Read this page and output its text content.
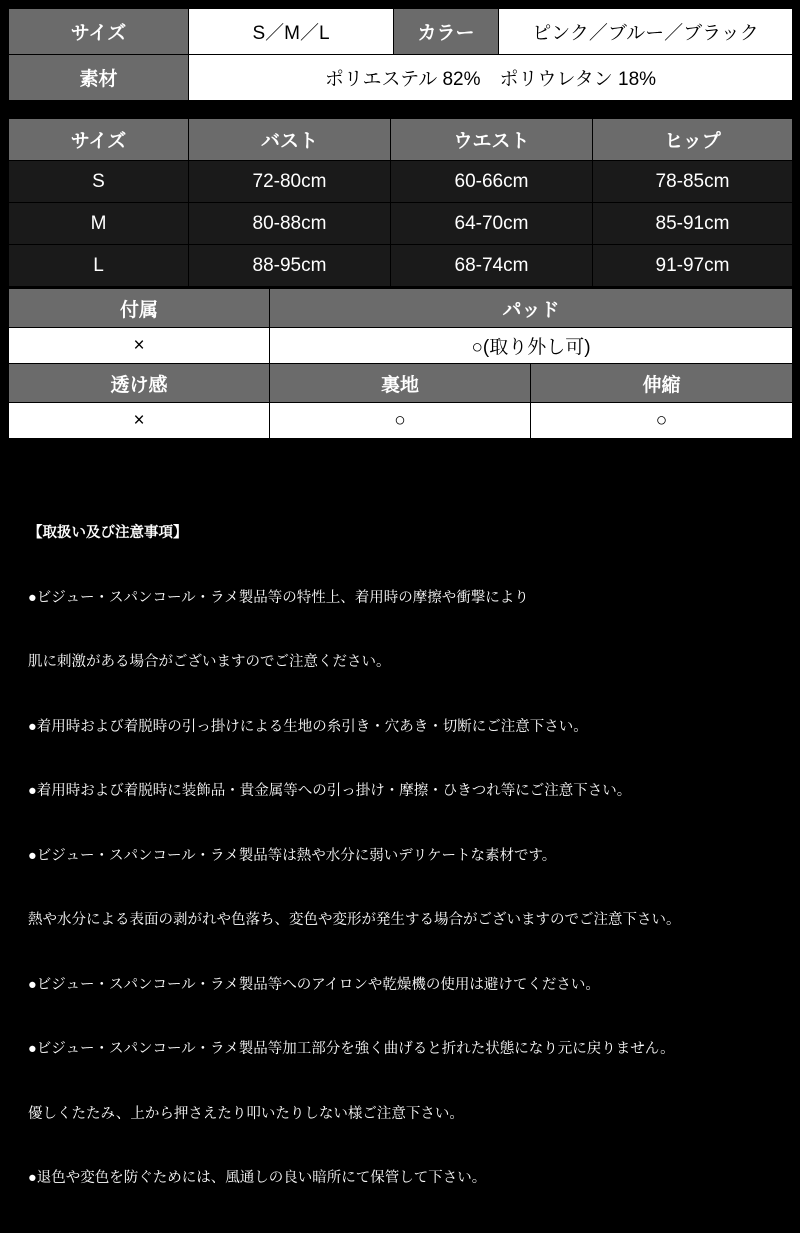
サイズ	S／M／L	カラー	ピンク／ブルー／ブラック
素材	ポリエステル 82%　ポリウレタン 18%		
サイズ	バスト	ウエスト	ヒップ
S	72-80cm	60-66cm	78-85cm
M	80-88cm	64-70cm	85-91cm
L	88-95cm	68-74cm	91-97cm
付属	パッド	
×	○(取り外し可)	
透け感	裏地	伸縮
×	○	○

【取扱い及び注意事項】

●ビジュー・スパンコール・ラメ製品等の特性上、着用時の摩擦や衝撃により

肌に刺激がある場合がございますのでご注意ください。

●着用時および着脱時の引っ掛けによる生地の糸引き・穴あき・切断にご注意下さい。

●着用時および着脱時に装飾品・貴金属等への引っ掛け・摩擦・ひきつれ等にご注意下さい。

●ビジュー・スパンコール・ラメ製品等は熱や水分に弱いデリケートな素材です。

熱や水分による表面の剥がれや色落ち、変色や変形が発生する場合がございますのでご注意下さい。

●ビジュー・スパンコール・ラメ製品等へのアイロンや乾燥機の使用は避けてください。

●ビジュー・スパンコール・ラメ製品等加工部分を強く曲げると折れた状態になり元に戻りません。

優しくたたみ、上から押さえたり叩いたりしない様ご注意下さい。

●退色や変色を防ぐためには、風通しの良い暗所にて保管して下さい。
